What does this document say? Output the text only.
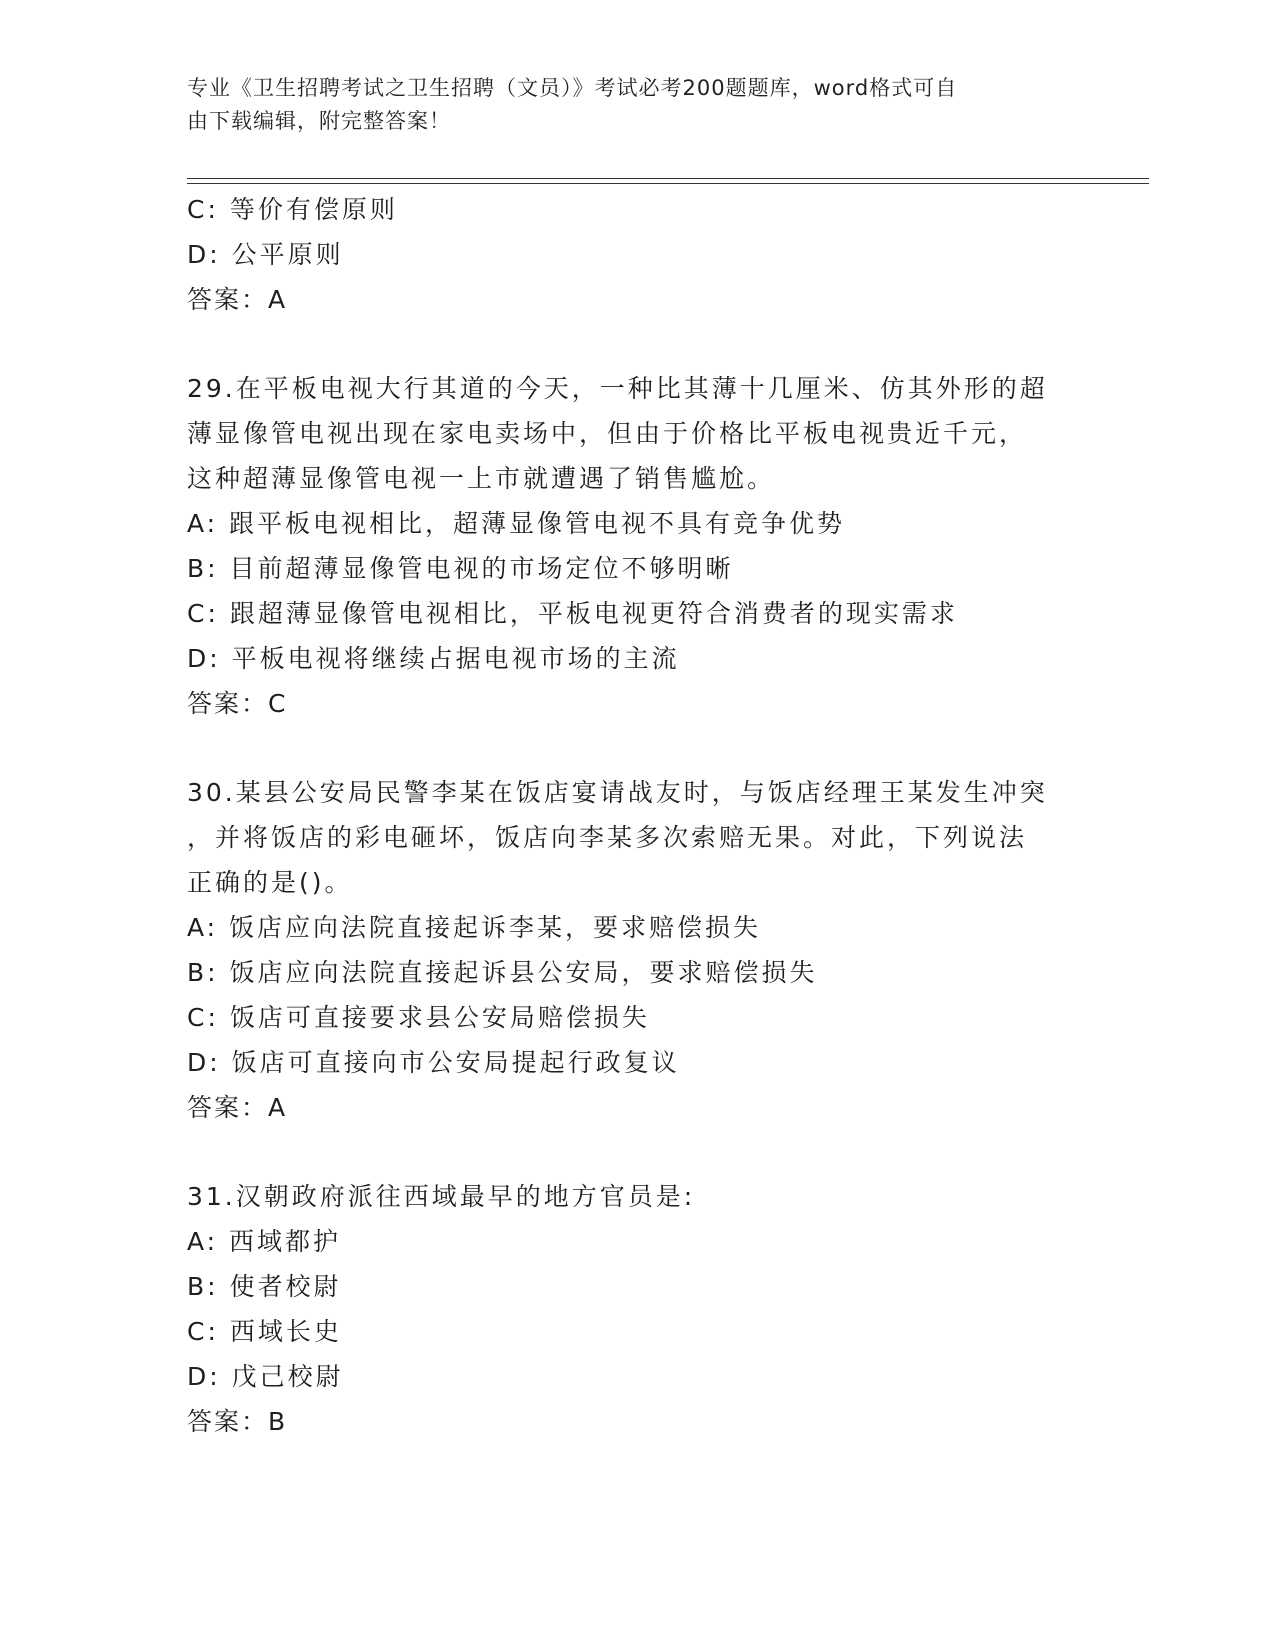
专业《卫生招聘考试之卫生招聘（文员）》考试必考200题题库，word格式可自
由下载编辑，附完整答案！
C: 等价有偿原则
D: 公平原则
答案：A
29.在平板电视大行其道的今天，一种比其薄十几厘米、仿其外形的超
薄显像管电视出现在家电卖场中，但由于价格比平板电视贵近千元，
这种超薄显像管电视一上市就遭遇了销售尴尬。
A: 跟平板电视相比，超薄显像管电视不具有竞争优势
B: 目前超薄显像管电视的市场定位不够明晰
C: 跟超薄显像管电视相比，平板电视更符合消费者的现实需求
D: 平板电视将继续占据电视市场的主流
答案：C
30.某县公安局民警李某在饭店宴请战友时，与饭店经理王某发生冲突
，并将饭店的彩电砸坏，饭店向李某多次索赔无果。对此，下列说法
正确的是()。
A: 饭店应向法院直接起诉李某，要求赔偿损失
B: 饭店应向法院直接起诉县公安局，要求赔偿损失
C: 饭店可直接要求县公安局赔偿损失
D: 饭店可直接向市公安局提起行政复议
答案：A
31.汉朝政府派往西域最早的地方官员是:
A: 西域都护
B: 使者校尉
C: 西域长史
D: 戊己校尉
答案：B
